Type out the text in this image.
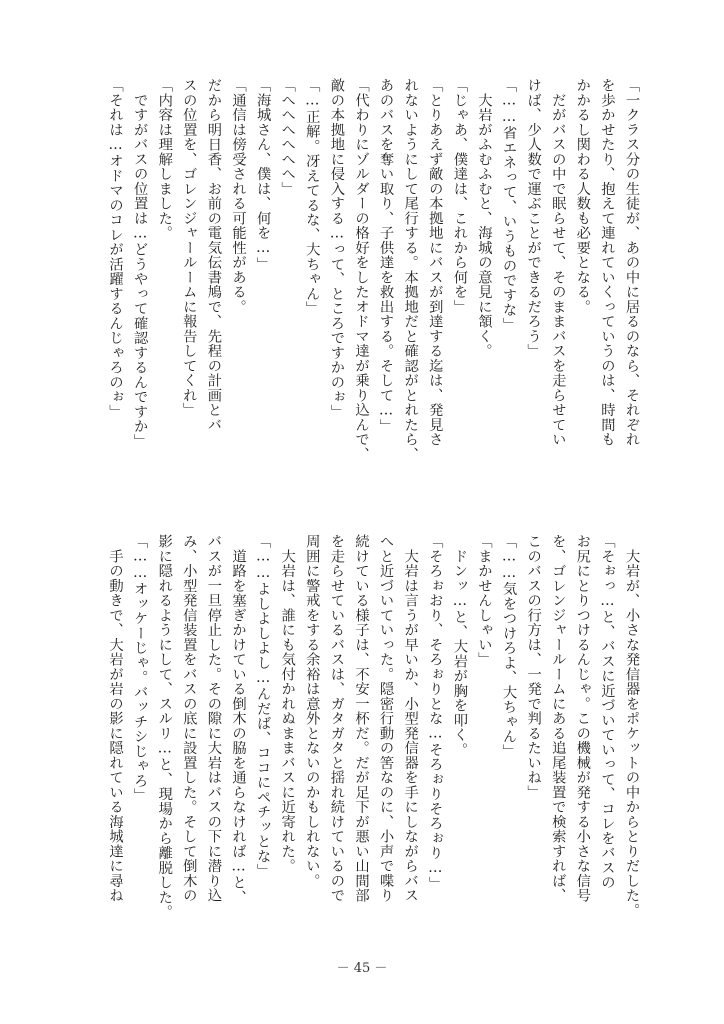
「一クラス分の生徒が、あの中に居るのなら、それぞれ
を歩かせたり、抱えて連れていくっていうのは、時間も
かかるし関わる人数も必要となる。
　だがバスの中で眠らせて、そのままバスを走らせてい
けば、少人数で運ぶことができるだろう」
「……省エネって、いうものですな」
　大岩がふむふむと、海城の意見に頷く。
「じゃあ、僕達は、これから何を」
「とりあえず敵の本拠地にバスが到達する迄は、発見さ
れないようにして尾行する。本拠地だと確認がとれたら、
あのバスを奪い取り、子供達を救出する。そして…」
「代わりにゾルダーの格好をしたオドマ達が乗り込んで、
敵の本拠地に侵入する…って、ところですかのぉ」
「…正解。冴えてるな、大ちゃん」
「へへへへへへ」
「海城さん、僕は、何を…」
「通信は傍受される可能性がある。
だから明日香、お前の電気伝書鳩で、先程の計画とバ
スの位置を、ゴレンジャールームに報告してくれ」
「内容は理解しました。
　ですがバスの位置は…どうやって確認するんですか」
「それは…オドマのコレが活躍するんじゃろのぉ」
　大岩が、小さな発信器をポケットの中からとりだした。
「そぉっ…と、バスに近づいていって、コレをバスの
お尻にとりつけるんじゃ。この機械が発する小さな信号
を、ゴレンジャールームにある追尾装置で検索すれば、
このバスの行方は、一発で判るたいね」
「……気をつけろよ、大ちゃん」
「まかせんしゃい」
　ドンッ…と、大岩が胸を叩く。
「そろぉおり、そろぉりとな…そろぉりそろぉり…」
　大岩は言うが早いか、小型発信器を手にしながらバス
へと近づいていった。隠密行動の筈なのに、小声で喋り
続けている様子は、不安一杯だ。だが足下が悪い山間部
を走らせているバスは、ガタガタと揺れ続けているので
周囲に警戒をする余裕は意外とないのかもしれない。
　大岩は、誰にも気付かれぬままバスに近寄れた。
「……よしよしよし…んだば、ココにペチッとな」
　道路を塞ぎかけている倒木の脇を通らなければ…と、
バスが一旦停止した。その隙に大岩はバスの下に潜り込
み、小型発信装置をバスの底に設置した。そして倒木の
影に隠れるようにして、スルリ…と、現場から離脱した。
「……オッケーじゃ。バッチシじゃろ」
　手の動きで、大岩が岩の影に隠れている海城達に尋ね
－ 45 －
